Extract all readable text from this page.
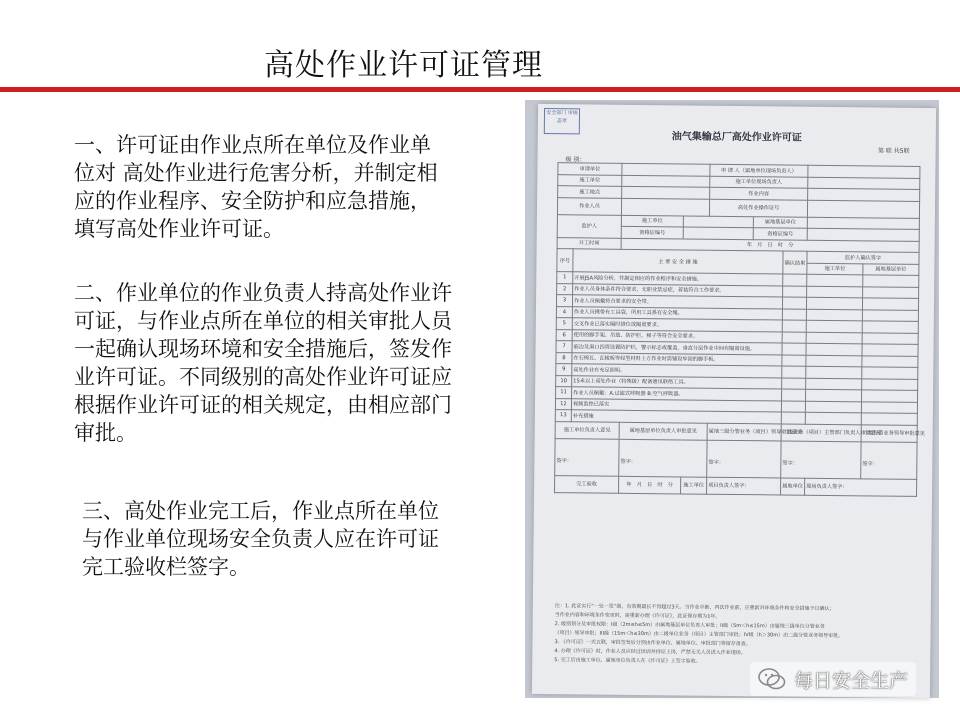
高处作业许可证管理
一、许可证由作业点所在单位及作业单
位对 高处作业进行危害分析，并制定相
应的作业程序、安全防护和应急措施，
填写高处作业许可证。
二、作业单位的作业负责人持高处作业许
可证，与作业点所在单位的相关审批人员
一起确认现场环境和安全措施后，签发作
业许可证。不同级别的高处作业许可证应
根据作业许可证的相关规定，由相应部门
审批。
三、高处作业完工后，作业点所在单位
与作业单位现场安全负责人应在许可证
完工验收栏签字。
安全部门 审核盖章
油气集输总厂高处作业许可证
第 联 共5联
级 别：
申请单位				申 请 人（属地单位现场负责人）				
施工单位				施工单位现场负责人				
施工地点				作业内容				
作业人员				高处作业操作证号				
监护人		施工单位			属地基层单位			
		资格证编号			资格证编号			
开工时间		年　月　日　时　分						
序号	主 要 安 全 措 施					确认结果	监护人确认签字	
							施工单位	属地基层单位
1	开展JSA风险分析，并制定相应的作业程序和安全措施。							
2	作业人员身体条件符合要求，无职业禁忌症，着装符合工作要求。							
3	作业人员佩戴符合要求的安全带。							
4	作业人员携带有工具袋，所用工具系有安全绳。							
5	交叉作业已落实隔时错位或隔离要求。							
6	使用的脚手架、吊篮、防护栏、梯子等符合安全要求。							
7	临边及洞口四周设置防护栏，警示标志或覆盖，垂直分层作业中间有隔离设施。							
8	在石棉瓦、瓦棱板等轻型材料上方作业时需铺设牢固的脚手板。							
9	高处作业有充足照明。							
10	15米以上高处作业（特殊级）配备通讯联络工具。							
11	作业人员佩戴：A.过滤式呼吸器 B.空气呼吸器。							
12	视频监控已落实							
13	补充措施							
施工单位负责人意见		属地基层单位负责人审批意见		属地三级分管业务（项目）领导审批意见		二级业务（项目）主管部门负责人审批意见		二级分管业务领导审批意见

签字：		签字：		签字：		签字：		签字：
完工验收		年　月　日　时　分	施工单位	项目负责人签字：		属地单位	现场负责人签字：	
注：1. 此证实行“一处一票”制，有效期最长不得超过3天。当作业中断，再次作业前，应重新对环境条件和安全措施予以确认；
当作业内容和环境条件变更时，需重新办理《许可证》，此证保存期为1年。
2. 级别划分及审批权限：I级（2m≤h≤5m）由属地基层单位负责人审批；II级（5m＜h≤15m）由属地三级单位分管业务
（项目）领导审批；III级（15m＜h≤30m）由二级单位业务（项目）主管部门审批；IV级（h＞30m）由二级分管业务领导审批。
3. 《许可证》一式五联，审批签发后分别由作业单位、属地单位、审批部门等留存备查。
4. 办理《许可证》时，作业人员应经过培训并持证上岗，严禁无关人员进入作业现场。
5. 完工后由施工单位、属地单位负责人在《许可证》上签字验收。
每日安全生产
